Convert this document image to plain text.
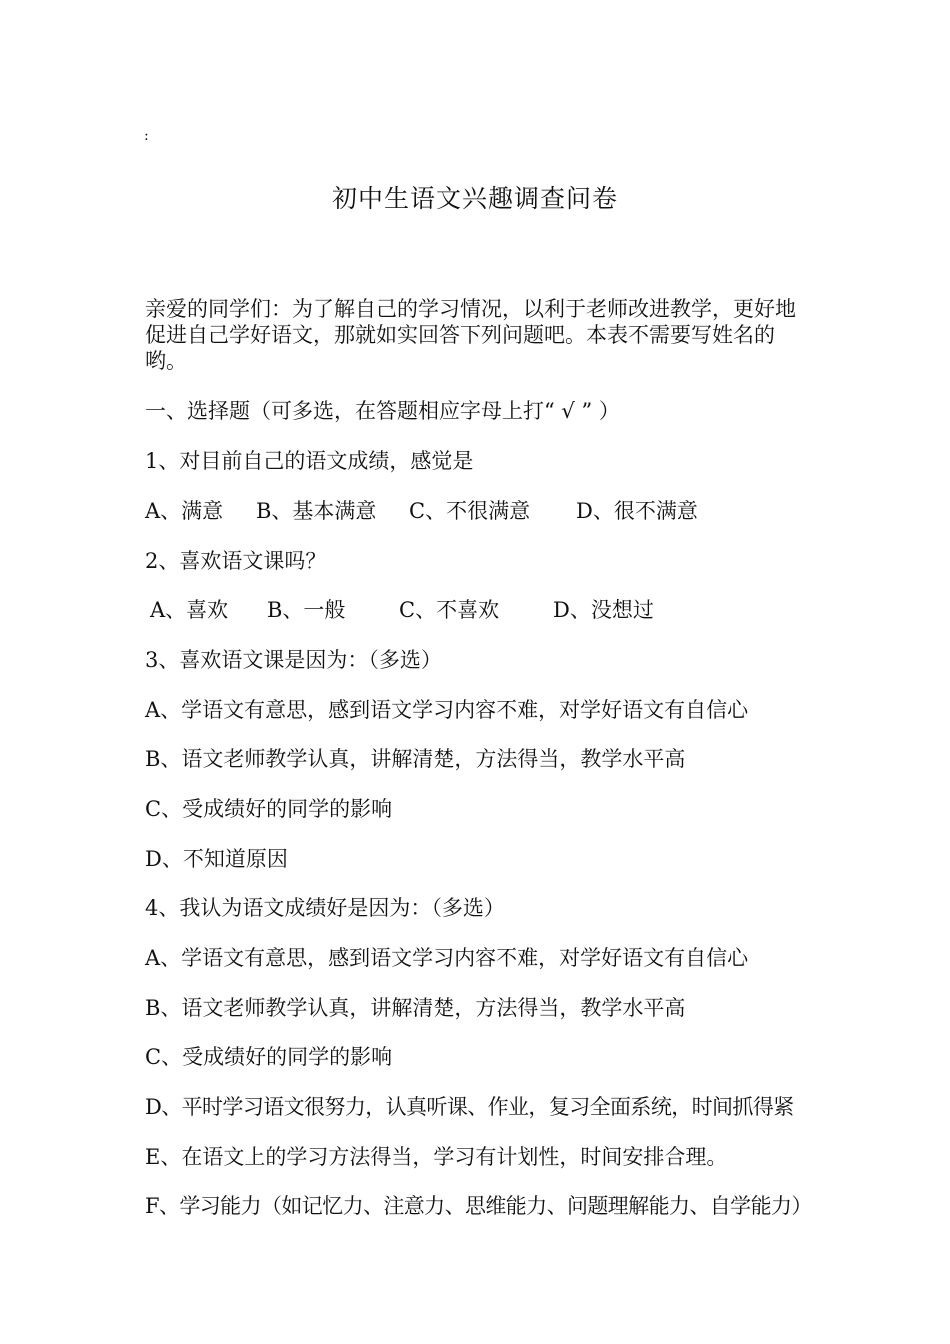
:
初中生语文兴趣调查问卷
亲爱的同学们：为了解自己的学习情况，以利于老师改进教学，更好地促进自己学好语文，那就如实回答下列问题吧。本表不需要写姓名的哟。
一、选择题（可多选，在答题相应字母上打“ √ ” ）
1、对目前自己的语文成绩，感觉是
A、满意 B、基本满意 C、不很满意 D、很不满意
2、喜欢语文课吗？
A、喜欢 B、一般	C、不喜欢	D、没想过
3、喜欢语文课是因为：（多选）
A、学语文有意思，感到语文学习内容不难，对学好语文有自信心
B、语文老师教学认真，讲解清楚，方法得当，教学水平高
C、受成绩好的同学的影响
D、不知道原因
4、我认为语文成绩好是因为：（多选）
A、学语文有意思，感到语文学习内容不难，对学好语文有自信心
B、语文老师教学认真，讲解清楚，方法得当，教学水平高
C、受成绩好的同学的影响
D、平时学习语文很努力，认真听课、作业，复习全面系统，时间抓得紧
E、在语文上的学习方法得当，学习有计划性，时间安排合理。
F、学习能力（如记忆力、注意力、思维能力、问题理解能力、自学能力）
